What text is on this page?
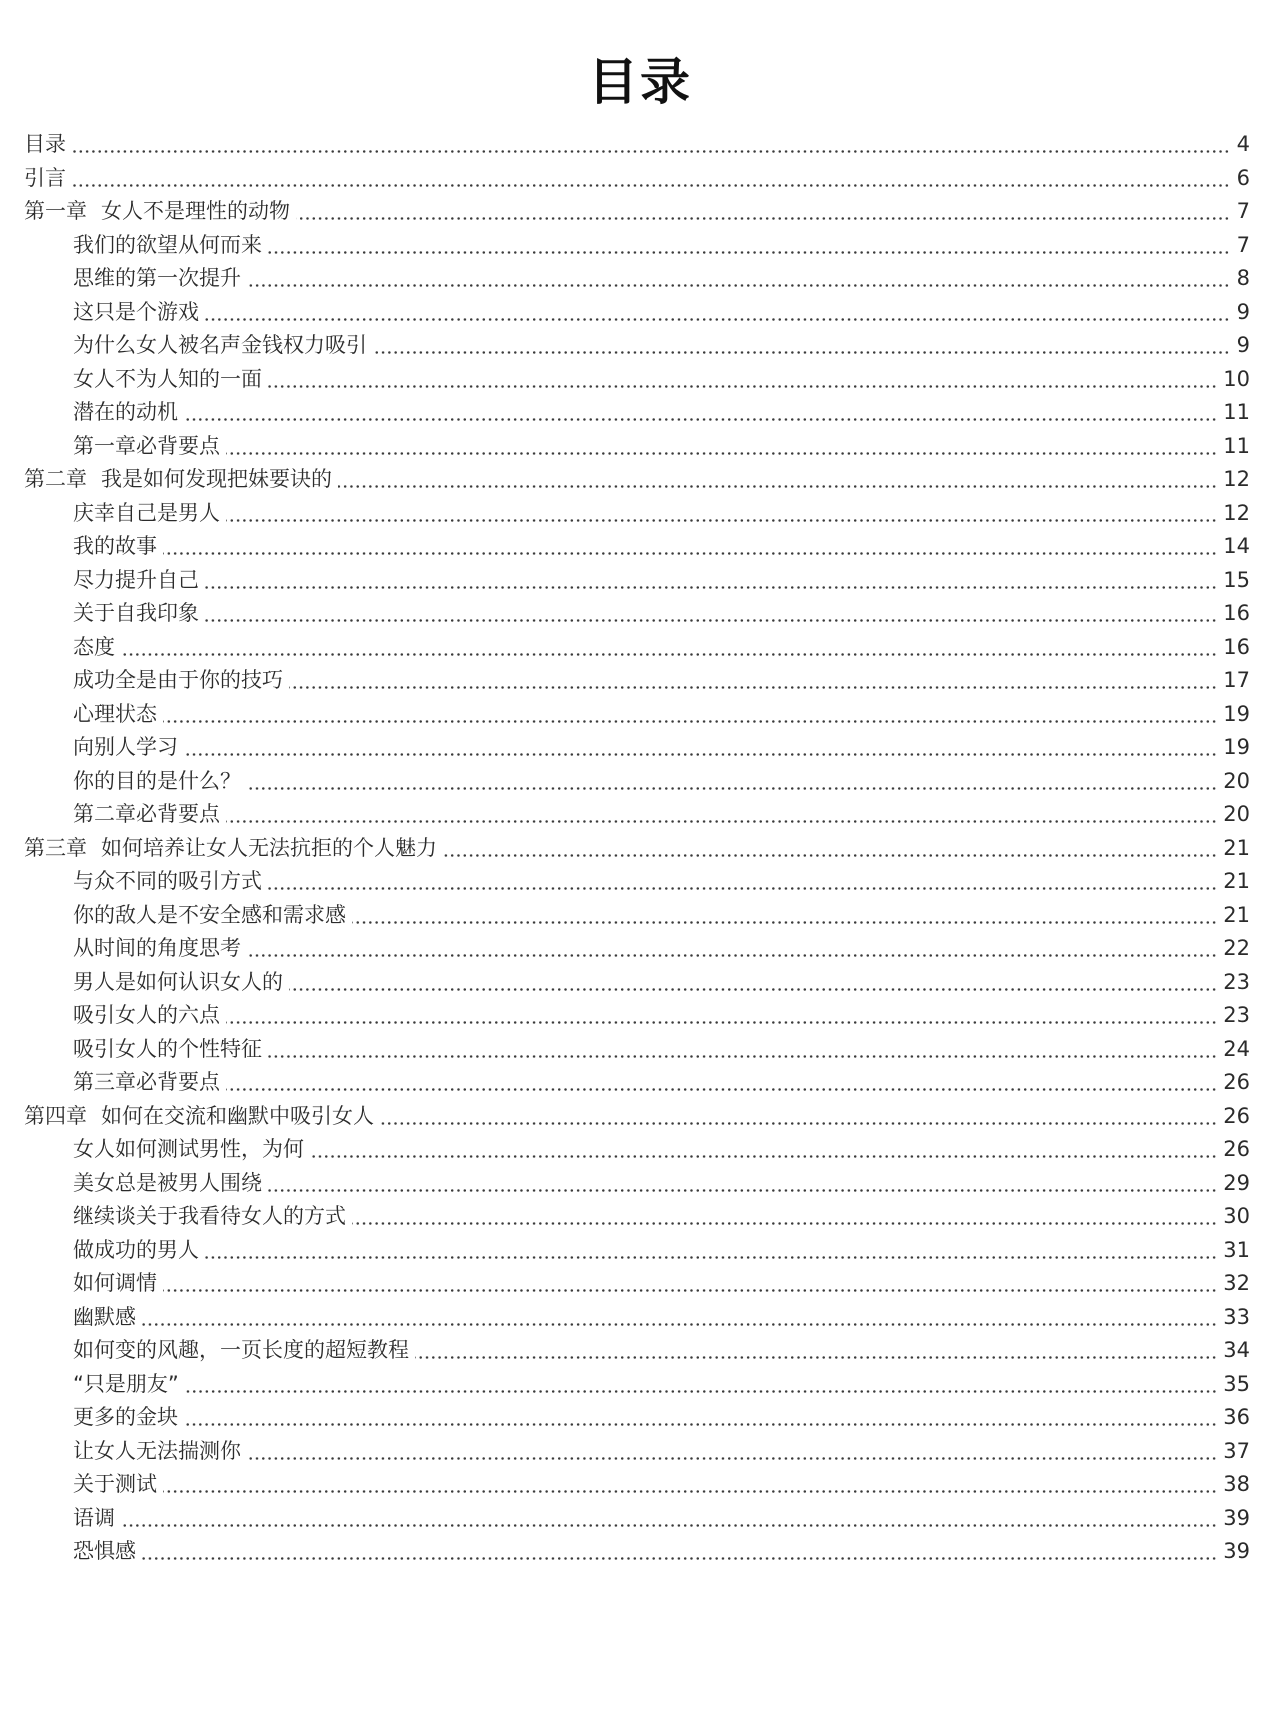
目录
目录	4
引言	6
第一章 女人不是理性的动物	7
我们的欲望从何而来	7
思维的第一次提升	8
这只是个游戏	9
为什么女人被名声金钱权力吸引	9
女人不为人知的一面	10
潜在的动机	11
第一章必背要点	11
第二章 我是如何发现把妹要诀的	12
庆幸自己是男人	12
我的故事	14
尽力提升自己	15
关于自我印象	16
态度	16
成功全是由于你的技巧	17
心理状态	19
向别人学习	19
你的目的是什么？	20
第二章必背要点	20
第三章 如何培养让女人无法抗拒的个人魅力	21
与众不同的吸引方式	21
你的敌人是不安全感和需求感	21
从时间的角度思考	22
男人是如何认识女人的	23
吸引女人的六点	23
吸引女人的个性特征	24
第三章必背要点	26
第四章 如何在交流和幽默中吸引女人	26
女人如何测试男性，为何	26
美女总是被男人围绕	29
继续谈关于我看待女人的方式	30
做成功的男人	31
如何调情	32
幽默感	33
如何变的风趣，一页长度的超短教程	34
“只是朋友”	35
更多的金块	36
让女人无法揣测你	37
关于测试	38
语调	39
恐惧感	39
